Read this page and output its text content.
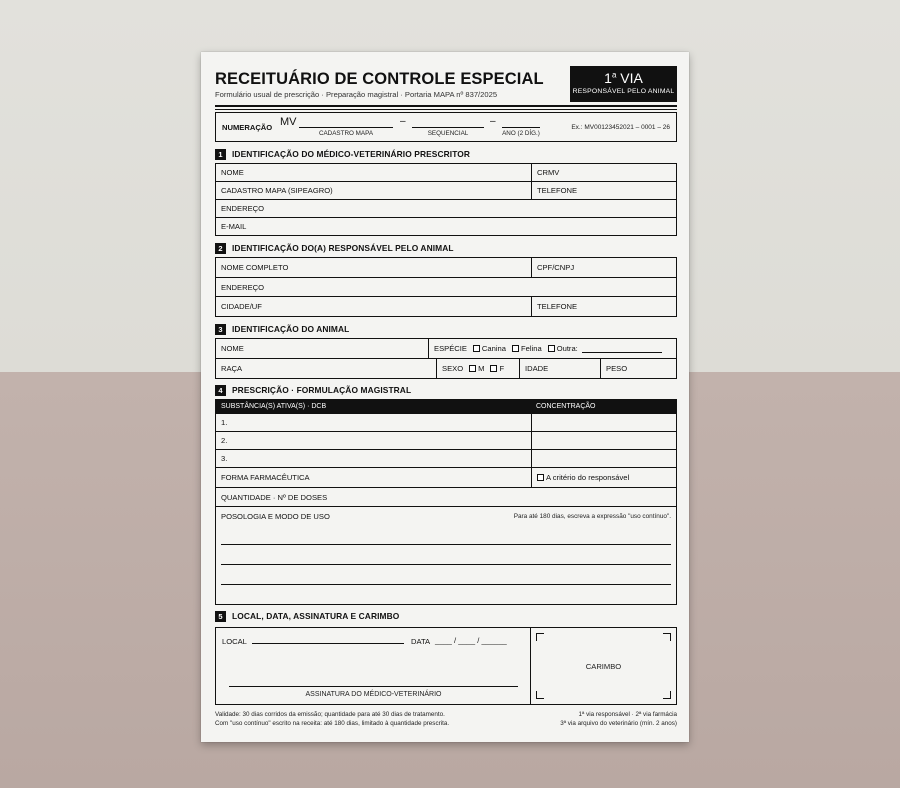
RECEITUÁRIO DE CONTROLE ESPECIAL
Formulário usual de prescrição · Preparação magistral · Portaria MAPA nº 837/2025
1$^a$ VIA
RESPONSÁVEL PELO ANIMAL
NUMERAÇÃO MV
CADASTRO MAPA
–
SEQUENCIAL
–
ANO (2 DÍG.)
Ex.: MV00123452021 – 0001 – 26
1	IDENTIFICAÇÃO DO MÉDICO-VETERINÁRIO PRESCRITOR
NOME	CRMV
CADASTRO MAPA (SIPEAGRO)	TELEFONE
ENDEREÇO
E-MAIL
2	IDENTIFICAÇÃO DO(A) RESPONSÁVEL PELO ANIMAL
NOME COMPLETO	CPF/CNPJ
ENDEREÇO
CIDADE/UF	TELEFONE
3	IDENTIFICAÇÃO DO ANIMAL
NOME	ESPÉCIE Canina Felina Outra:
RAÇA	SEXO M F	IDADE	PESO
4	PRESCRIÇÃO · FORMULAÇÃO MAGISTRAL
SUBSTÂNCIA(S) ATIVA(S) · DCB	CONCENTRAÇÃO
1.
2.
3.
FORMA FARMACÊUTICA	A critério do responsável
QUANTIDADE · Nº DE DOSES
POSOLOGIA E MODO DE USO	Para até 180 dias, escreva a expressão "uso contínuo".
5	LOCAL, DATA, ASSINATURA E CARIMBO
LOCAL	DATA ____ / ____ / ______
ASSINATURA DO MÉDICO-VETERINÁRIO
CARIMBO
Validade: 30 dias corridos da emissão; quantidade para até 30 dias de tratamento.
Com "uso contínuo" escrito na receita: até 180 dias, limitado à quantidade prescrita.
1ª via responsável · 2ª via farmácia
3ª via arquivo do veterinário (mín. 2 anos)
